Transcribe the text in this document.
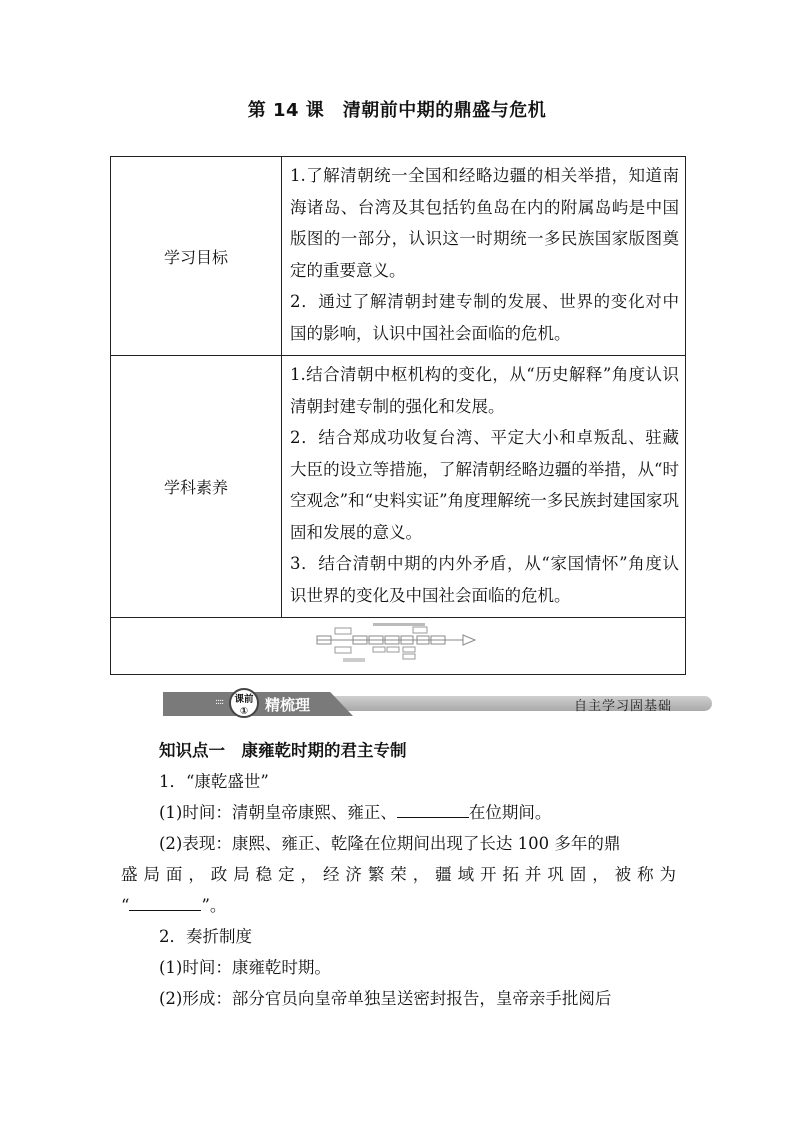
第 14 课　清朝前中期的鼎盛与危机
学习目标	1.了解清朝统一全国和经略边疆的相关举措，知道南海诸岛、台湾及其包括钓鱼岛在内的附属岛屿是中国版图的一部分，认识这一时期统一多民族国家版图奠定的重要意义。

2．通过了解清朝封建专制的发展、世界的变化对中国的影响，认识中国社会面临的危机。

学科素养	1.结合清朝中枢机构的变化，从“历史解释”角度认识清朝封建专制的强化和发展。

2．结合郑成功收复台湾、平定大小和卓叛乱、驻藏大臣的设立等措施，了解清朝经略边疆的举措，从“时空观念”和“史料实证”角度理解统一多民族封建国家巩固和发展的意义。

3．结合清朝中期的内外矛盾，从“家国情怀”角度认识世界的变化及中国社会面临的危机。

::::	课前
①	精梳理	自主学习固基础

知识点一　康雍乾时期的君主专制

1．“康乾盛世”

(1)时间：清朝皇帝康熙、雍正、	在位期间。

(2)表现：康熙、雍正、乾隆在位期间出现了长达 100 多年的鼎

盛局面，政局稳定，经济繁荣，疆域开拓并巩固，被称为

“	”。

2．奏折制度

(1)时间：康雍乾时期。

(2)形成：部分官员向皇帝单独呈送密封报告，皇帝亲手批阅后
